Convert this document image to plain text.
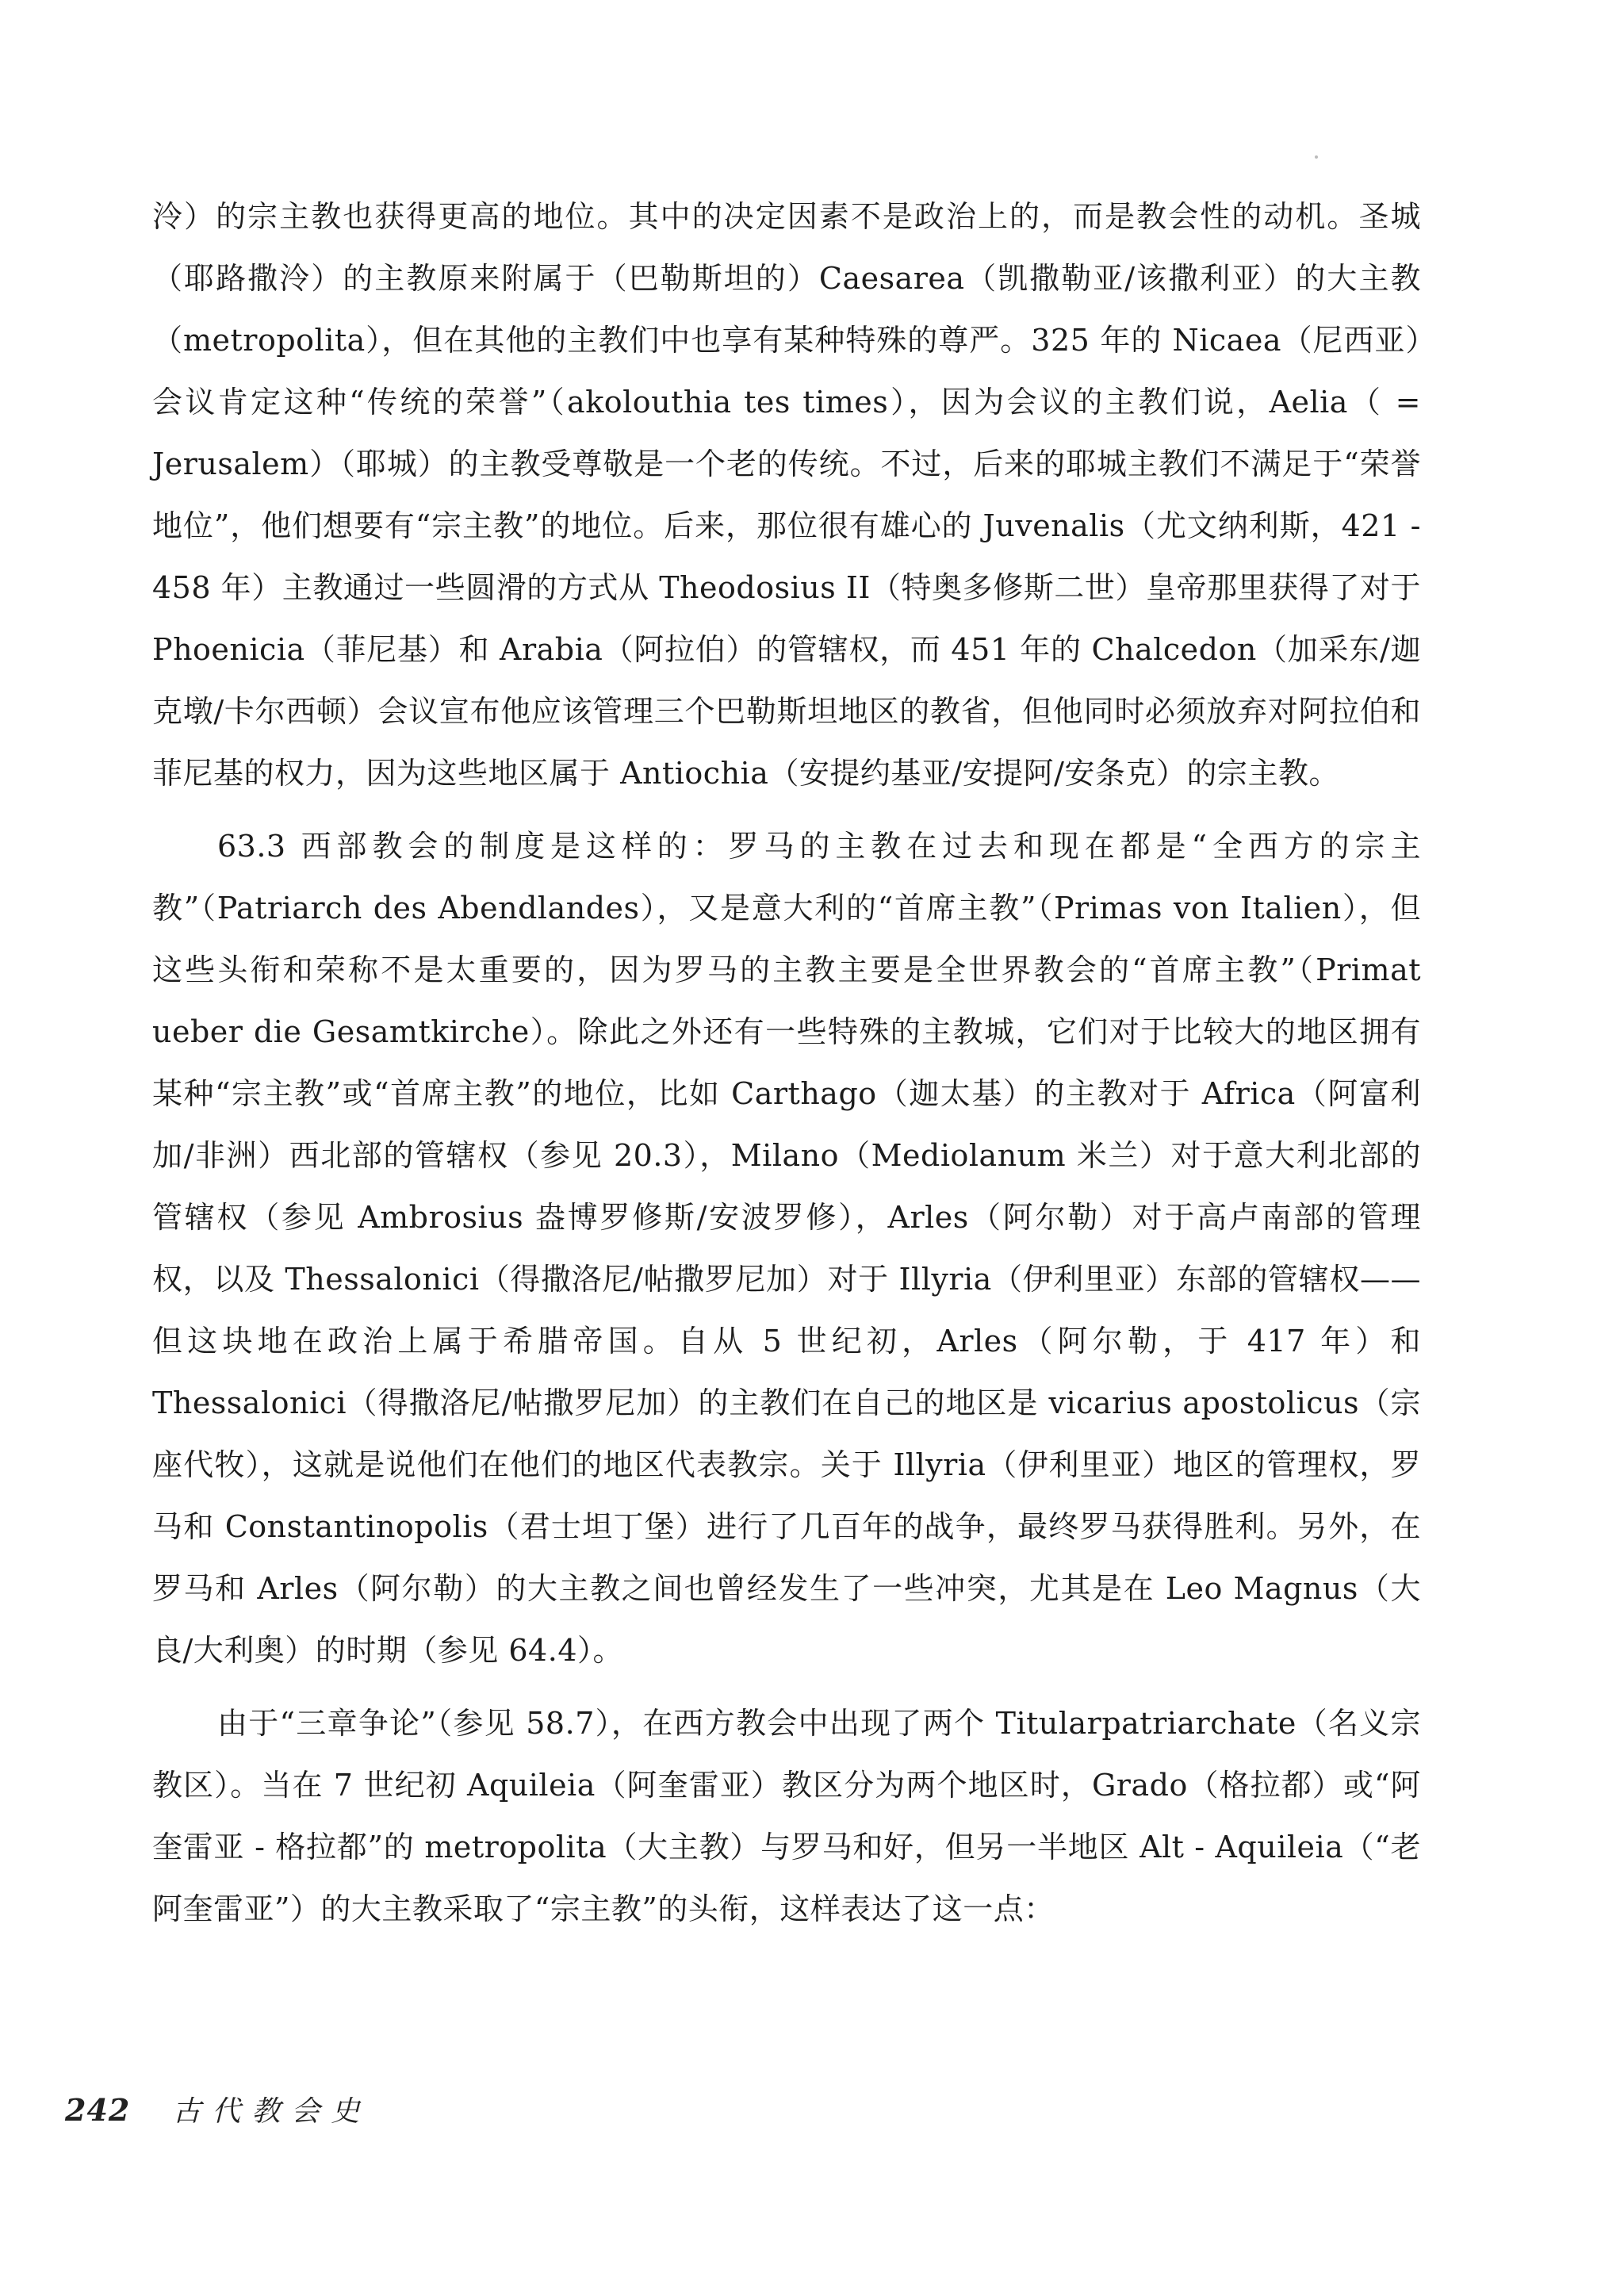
泠）的宗主教也获得更高的地位。其中的决定因素不是政治上的，而是教会性的动机。圣城（耶路撒泠）的主教原来附属于（巴勒斯坦的）Caesarea（凯撒勒亚/该撒利亚）的大主教（metropolita），但在其他的主教们中也享有某种特殊的尊严。325 年的 Nicaea（尼西亚）会议肯定这种“传统的荣誉”（akolouthia tes times），因为会议的主教们说，Aelia（ = Jerusalem）（耶城）的主教受尊敬是一个老的传统。不过，后来的耶城主教们不满足于“荣誉地位”，他们想要有“宗主教”的地位。后来，那位很有雄心的 Juvenalis（尤文纳利斯，421 - 458 年）主教通过一些圆滑的方式从 Theodosius II（特奥多修斯二世）皇帝那里获得了对于 Phoenicia（菲尼基）和 Arabia（阿拉伯）的管辖权，而 451 年的 Chalcedon（加采东/迦克墩/卡尔西顿）会议宣布他应该管理三个巴勒斯坦地区的教省，但他同时必须放弃对阿拉伯和菲尼基的权力，因为这些地区属于 Antiochia（安提约基亚/安提阿/安条克）的宗主教。

63.3 西部教会的制度是这样的：罗马的主教在过去和现在都是“全西方的宗主教”（Patriarch des Abendlandes），又是意大利的“首席主教”（Primas von Italien），但这些头衔和荣称不是太重要的，因为罗马的主教主要是全世界教会的“首席主教”（Primat ueber die Gesamtkirche）。除此之外还有一些特殊的主教城，它们对于比较大的地区拥有某种“宗主教”或“首席主教”的地位，比如 Carthago（迦太基）的主教对于 Africa（阿富利加/非洲）西北部的管辖权（参见 20.3），Milano（Mediolanum 米兰）对于意大利北部的管辖权（参见 Ambrosius 盎博罗修斯/安波罗修），Arles（阿尔勒）对于高卢南部的管理权，以及 Thessalonici（得撒洛尼/帖撒罗尼加）对于 Illyria（伊利里亚）东部的管辖权——但这块地在政治上属于希腊帝国。自从 5 世纪初，Arles（阿尔勒，于 417 年）和 Thessalonici（得撒洛尼/帖撒罗尼加）的主教们在自己的地区是 vicarius apostolicus（宗座代牧），这就是说他们在他们的地区代表教宗。关于 Illyria（伊利里亚）地区的管理权，罗马和 Constantinopolis（君士坦丁堡）进行了几百年的战争，最终罗马获得胜利。另外，在罗马和 Arles（阿尔勒）的大主教之间也曾经发生了一些冲突，尤其是在 Leo Magnus（大良/大利奥）的时期（参见 64.4）。

由于“三章争论”（参见 58.7），在西方教会中出现了两个 Titularpatriarchate（名义宗教区）。当在 7 世纪初 Aquileia（阿奎雷亚）教区分为两个地区时，Grado（格拉都）或“阿奎雷亚 - 格拉都”的 metropolita（大主教）与罗马和好，但另一半地区 Alt - Aquileia（“老阿奎雷亚”）的大主教采取了“宗主教”的头衔，这样表达了这一点：

242 古代教会史
